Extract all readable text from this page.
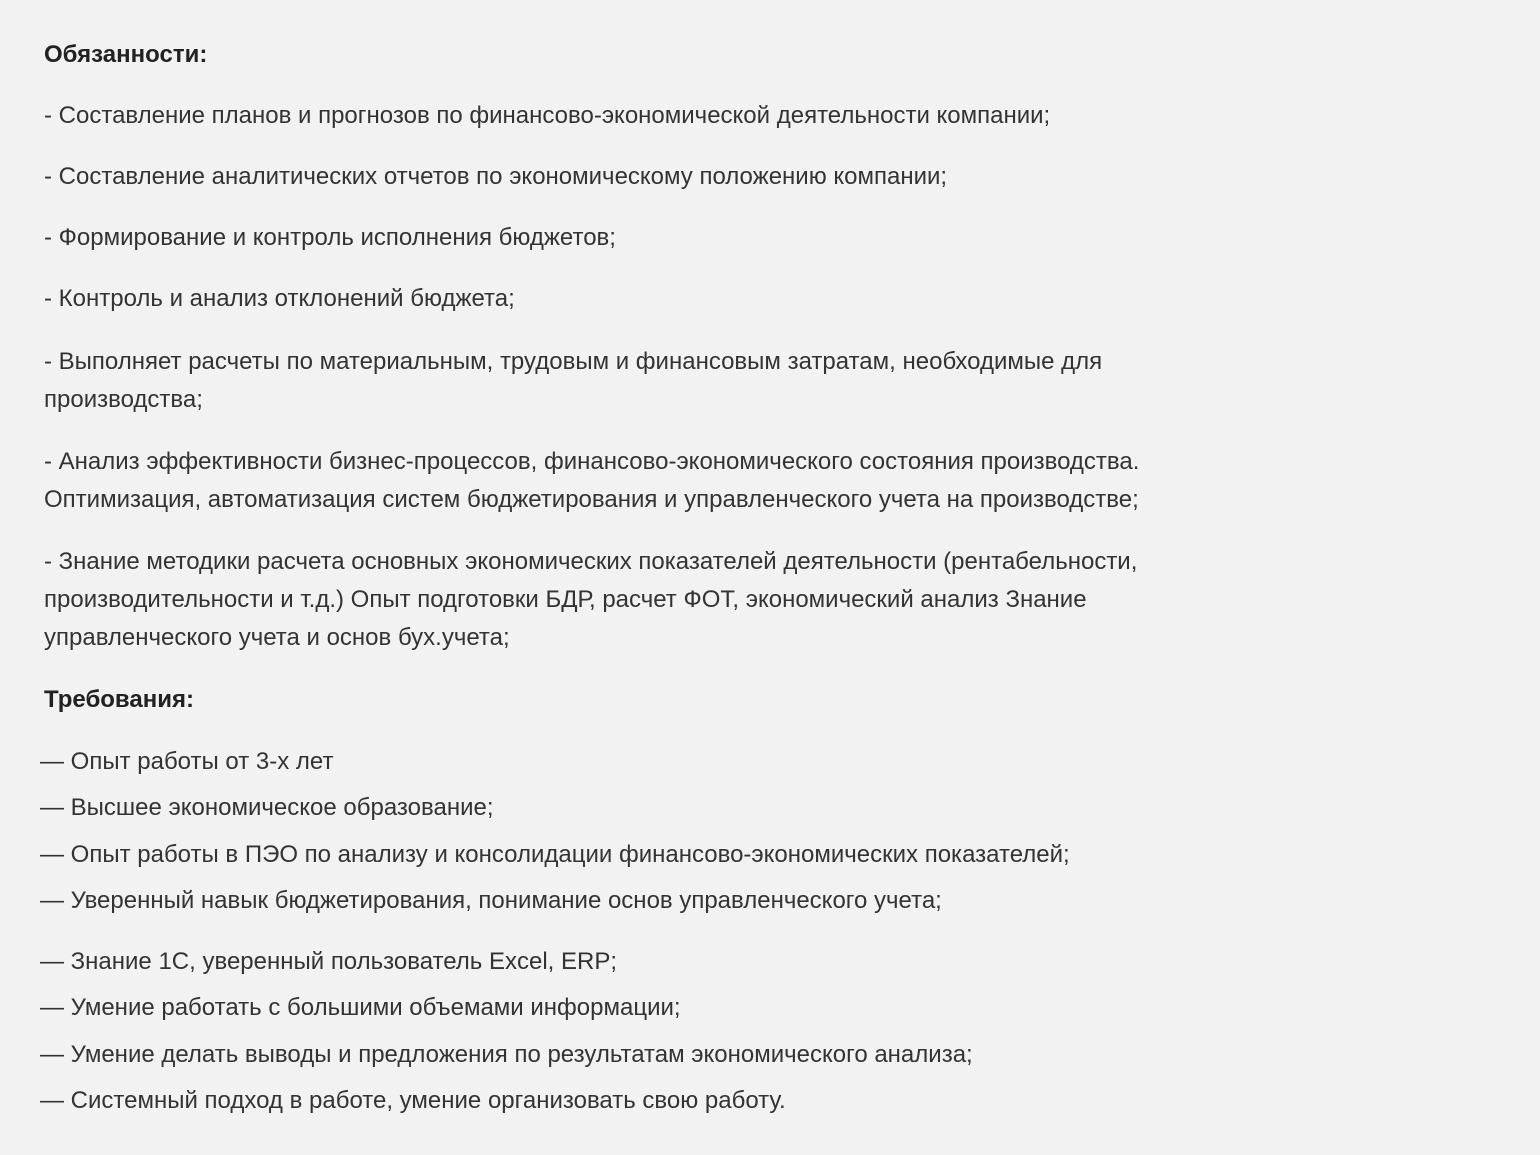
Обязанности:

- Составление планов и прогнозов по финансово-экономической деятельности компании;

- Составление аналитических отчетов по экономическому положению компании;

- Формирование и контроль исполнения бюджетов;

- Контроль и анализ отклонений бюджета;

- Выполняет расчеты по материальным, трудовым и финансовым затратам, необходимые для
производства;

- Анализ эффективности бизнес-процессов, финансово-экономического состояния производства.
Оптимизация, автоматизация систем бюджетирования и управленческого учета на производстве;

- Знание методики расчета основных экономических показателей деятельности (рентабельности,
производительности и т.д.) Опыт подготовки БДР, расчет ФОТ, экономический анализ Знание
управленческого учета и основ бух.учета;

Требования:

— Опыт работы от 3-х лет

— Высшее экономическое образование;

— Опыт работы в ПЭО по анализу и консолидации финансово-экономических показателей;

— Уверенный навык бюджетирования, понимание основ управленческого учета;

— Знание 1С, уверенный пользователь Excel, ERP;

— Умение работать с большими объемами информации;

— Умение делать выводы и предложения по результатам экономического анализа;

— Системный подход в работе, умение организовать свою работу.
